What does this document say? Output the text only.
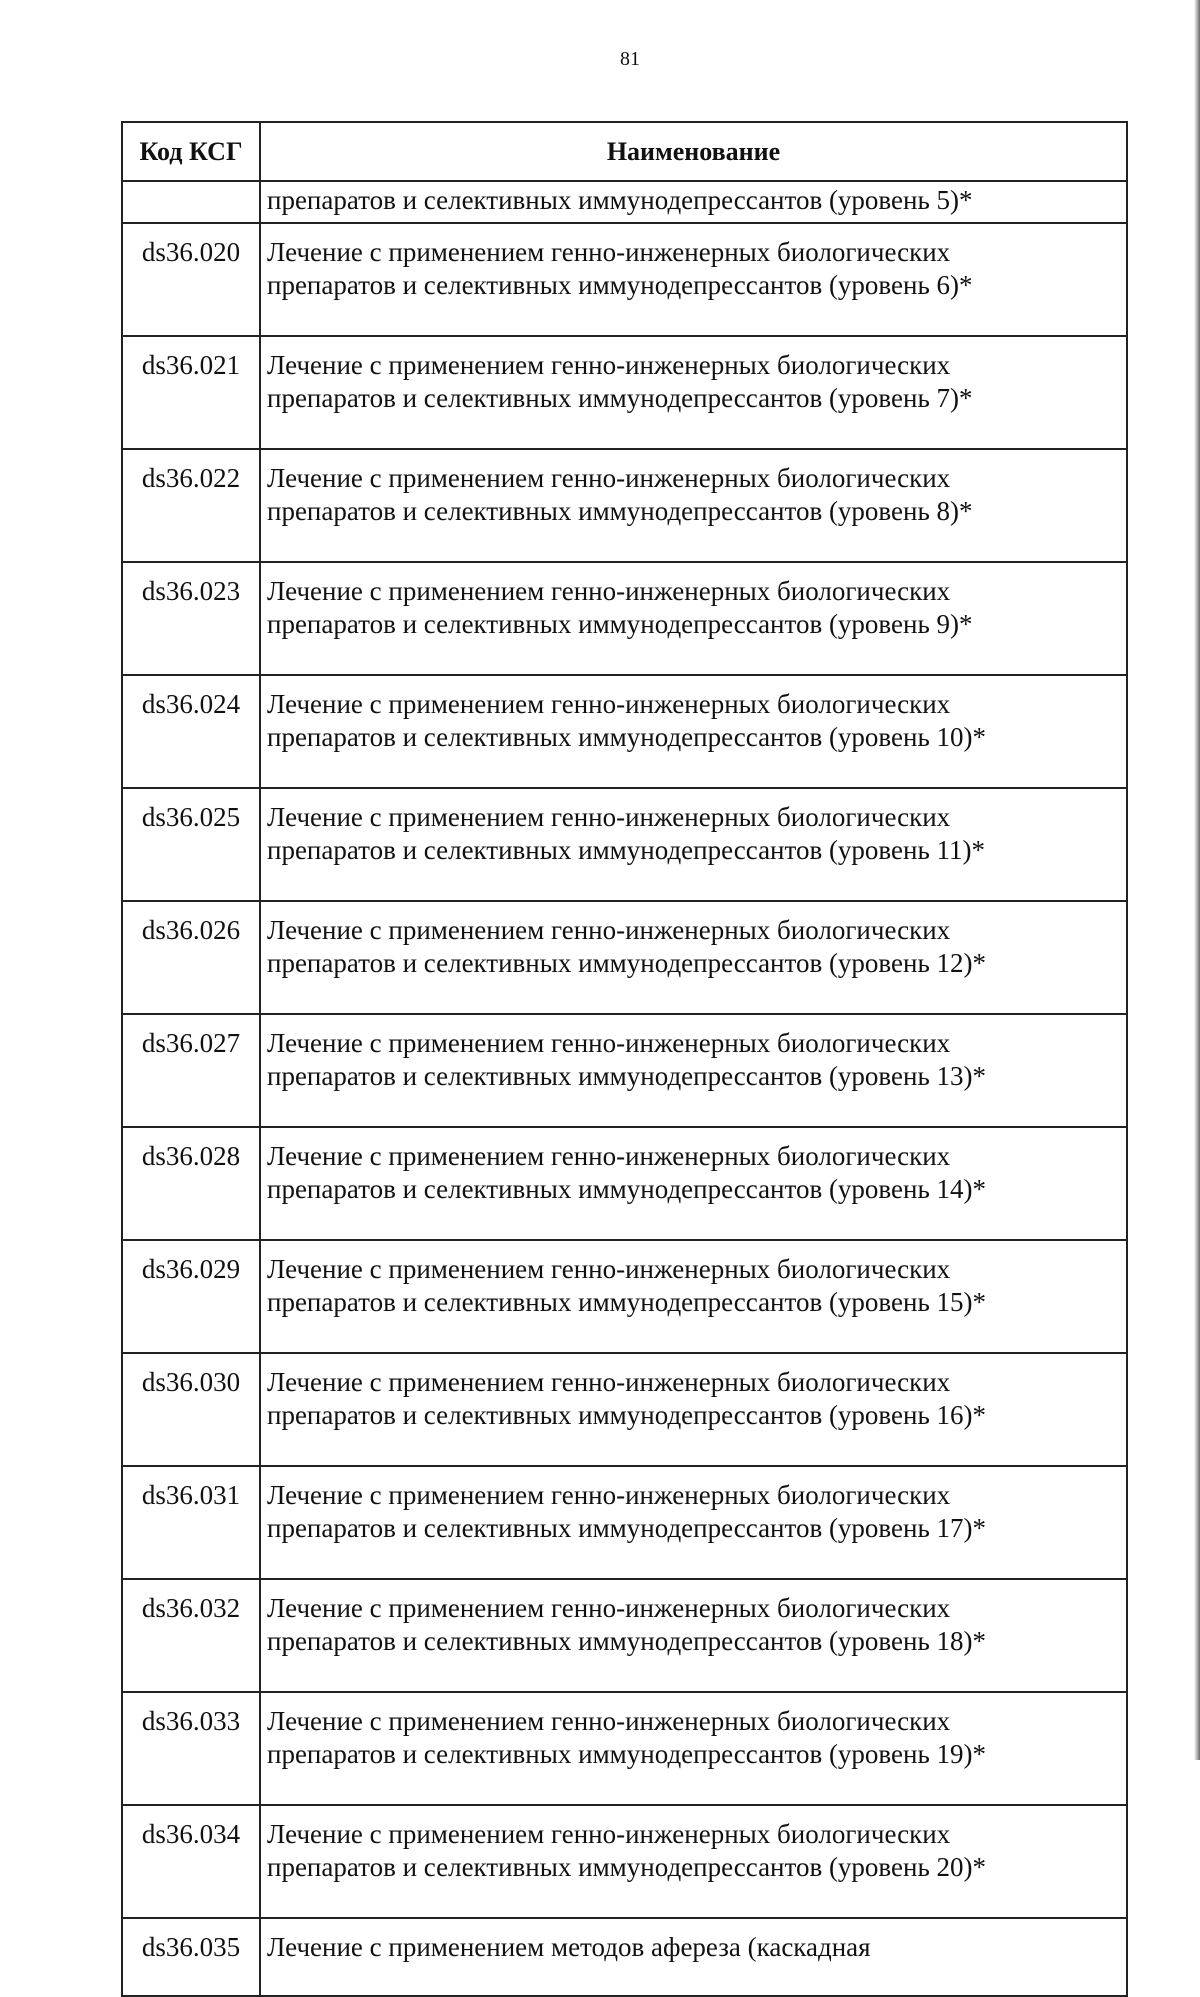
81
Код КСГ	Наименование
	препаратов и селективных иммунодепрессантов (уровень 5)*
ds36.020	Лечение с применением генно-инженерных биологических
препаратов и селективных иммунодепрессантов (уровень 6)*

ds36.021	Лечение с применением генно-инженерных биологических
препаратов и селективных иммунодепрессантов (уровень 7)*

ds36.022	Лечение с применением генно-инженерных биологических
препаратов и селективных иммунодепрессантов (уровень 8)*

ds36.023	Лечение с применением генно-инженерных биологических
препаратов и селективных иммунодепрессантов (уровень 9)*

ds36.024	Лечение с применением генно-инженерных биологических
препаратов и селективных иммунодепрессантов (уровень 10)*

ds36.025	Лечение с применением генно-инженерных биологических
препаратов и селективных иммунодепрессантов (уровень 11)*

ds36.026	Лечение с применением генно-инженерных биологических
препаратов и селективных иммунодепрессантов (уровень 12)*

ds36.027	Лечение с применением генно-инженерных биологических
препаратов и селективных иммунодепрессантов (уровень 13)*

ds36.028	Лечение с применением генно-инженерных биологических
препаратов и селективных иммунодепрессантов (уровень 14)*

ds36.029	Лечение с применением генно-инженерных биологических
препаратов и селективных иммунодепрессантов (уровень 15)*

ds36.030	Лечение с применением генно-инженерных биологических
препаратов и селективных иммунодепрессантов (уровень 16)*

ds36.031	Лечение с применением генно-инженерных биологических
препаратов и селективных иммунодепрессантов (уровень 17)*

ds36.032	Лечение с применением генно-инженерных биологических
препаратов и селективных иммунодепрессантов (уровень 18)*

ds36.033	Лечение с применением генно-инженерных биологических
препаратов и селективных иммунодепрессантов (уровень 19)*

ds36.034	Лечение с применением генно-инженерных биологических
препаратов и селективных иммунодепрессантов (уровень 20)*

ds36.035	Лечение с применением методов афереза (каскадная
